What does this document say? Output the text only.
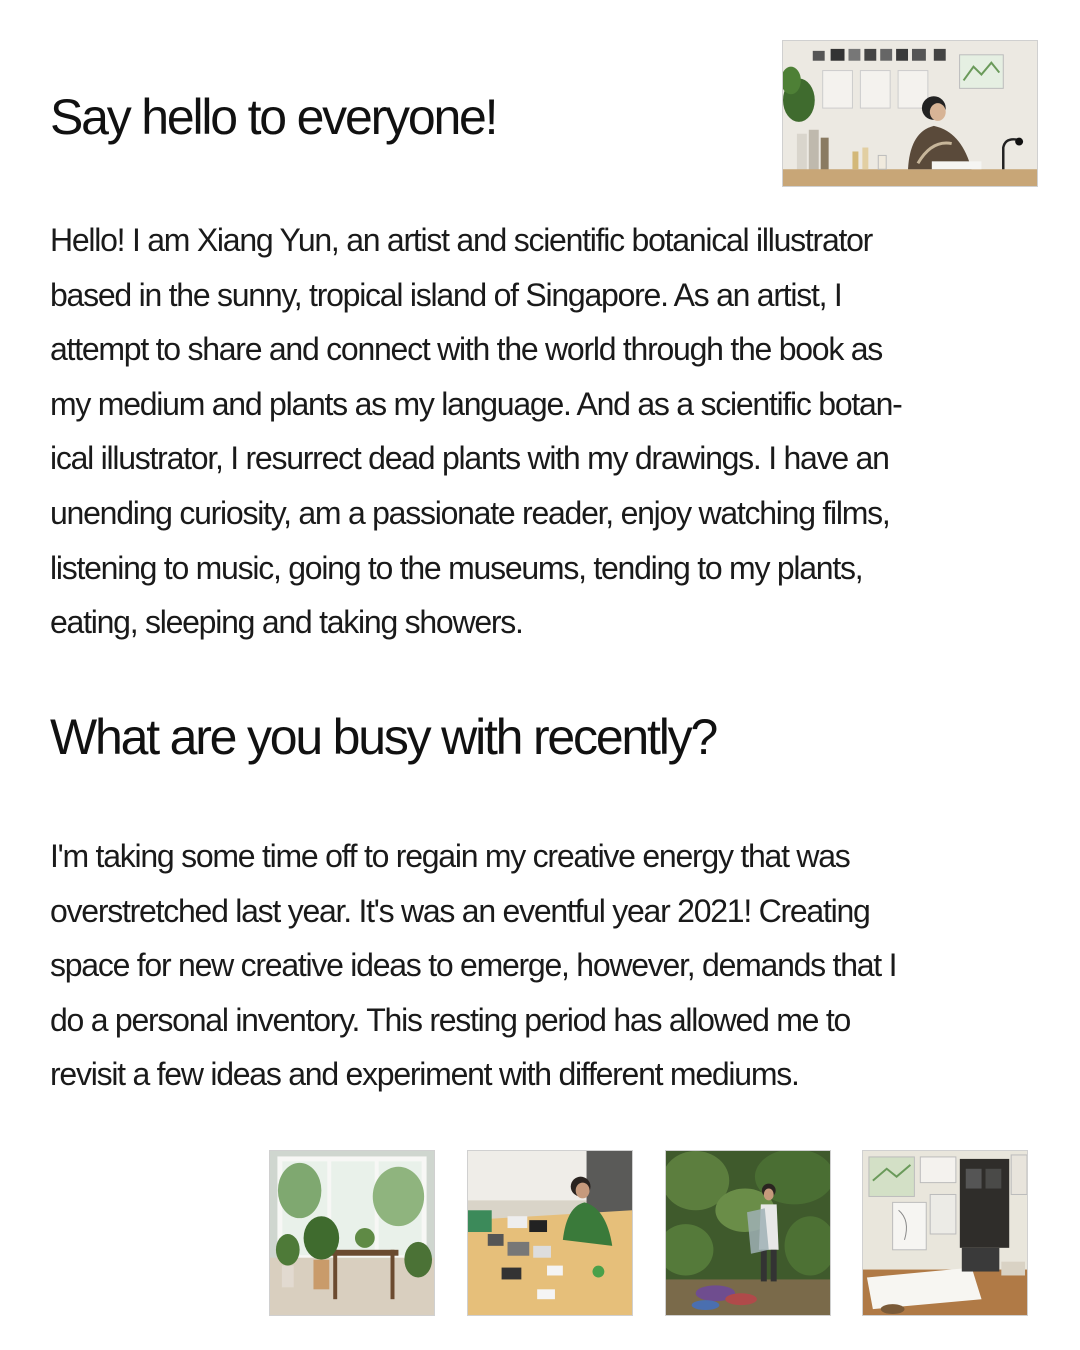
Say hello to everyone!
Hello! I am Xiang Yun, an artist and scientific botanical illustrator
based in the sunny, tropical island of Singapore. As an artist, I
attempt to share and connect with the world through the book as
my medium and plants as my language. And as a scientific botan-
ical illustrator, I resurrect dead plants with my drawings. I have an
unending curiosity, am a passionate reader, enjoy watching films,
listening to music, going to the museums, tending to my plants,
eating, sleeping and taking showers.
What are you busy with recently?
I'm taking some time off to regain my creative energy that was
overstretched last year. It's was an eventful year 2021! Creating
space for new creative ideas to emerge, however, demands that I
do a personal inventory. This resting period has allowed me to
revisit a few ideas and experiment with different mediums.
